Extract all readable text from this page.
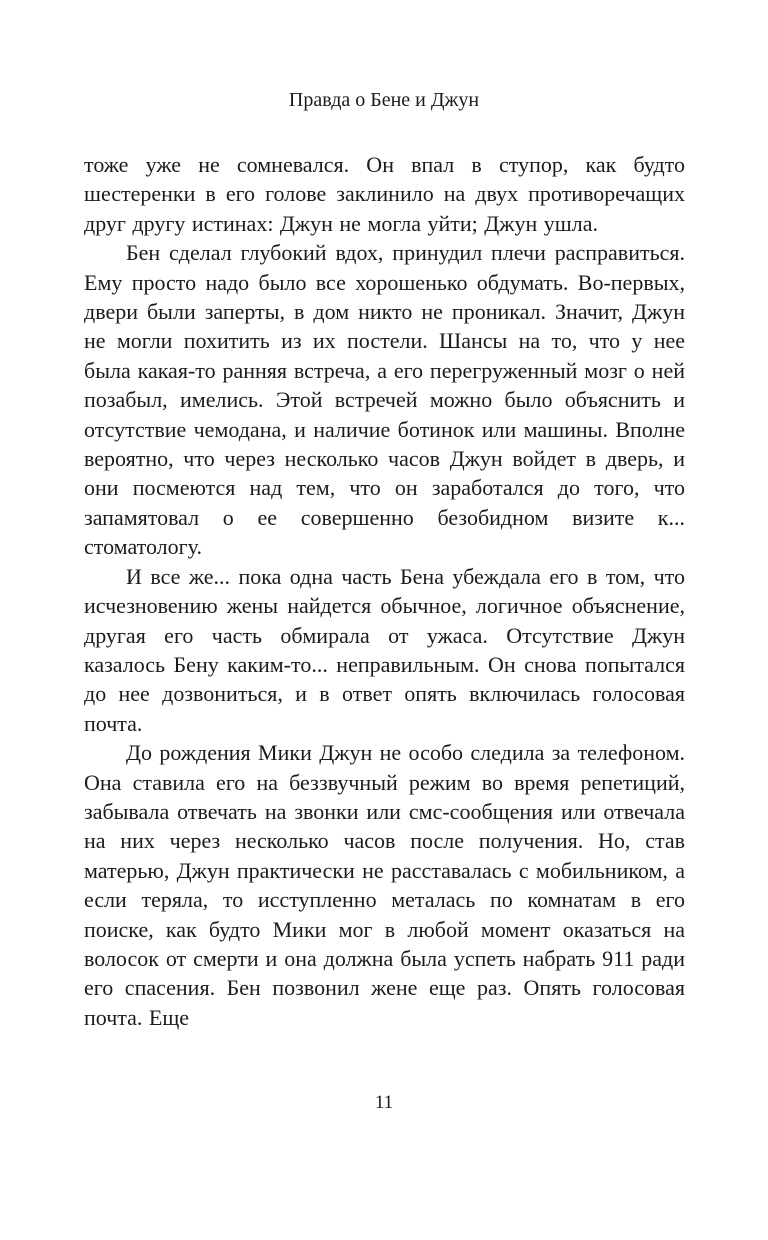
Правда о Бене и Джун

тоже уже не сомневался. Он впал в ступор, как будто шестеренки в его голове заклинило на двух противоречащих друг другу истинах: Джун не могла уйти; Джун ушла.

Бен сделал глубокий вдох, принудил плечи расправиться. Ему просто надо было все хорошенько обдумать. Во-первых, двери были заперты, в дом никто не проникал. Значит, Джун не могли похитить из их постели. Шансы на то, что у нее была какая-то ранняя встреча, а его перегруженный мозг о ней позабыл, имелись. Этой встречей можно было объяснить и отсутствие чемодана, и наличие ботинок или машины. Вполне вероятно, что через несколько часов Джун войдет в дверь, и они посмеются над тем, что он заработался до того, что запамятовал о ее совершенно безобидном визите к... стоматологу.

И все же... пока одна часть Бена убеждала его в том, что исчезновению жены найдется обычное, логичное объяснение, другая его часть обмирала от ужаса. Отсутствие Джун казалось Бену каким-то... неправильным. Он снова попытался до нее дозвониться, и в ответ опять включилась голосовая почта.

До рождения Мики Джун не особо следила за телефоном. Она ставила его на беззвучный режим во время репетиций, забывала отвечать на звонки или смс-сообщения или отвечала на них через несколько часов после получения. Но, став матерью, Джун практически не расставалась с мобильником, а если теряла, то исступленно металась по комнатам в его поиске, как будто Мики мог в любой момент оказаться на волосок от смерти и она должна была успеть набрать 911 ради его спасения. Бен позвонил жене еще раз. Опять голосовая почта. Еще

11
